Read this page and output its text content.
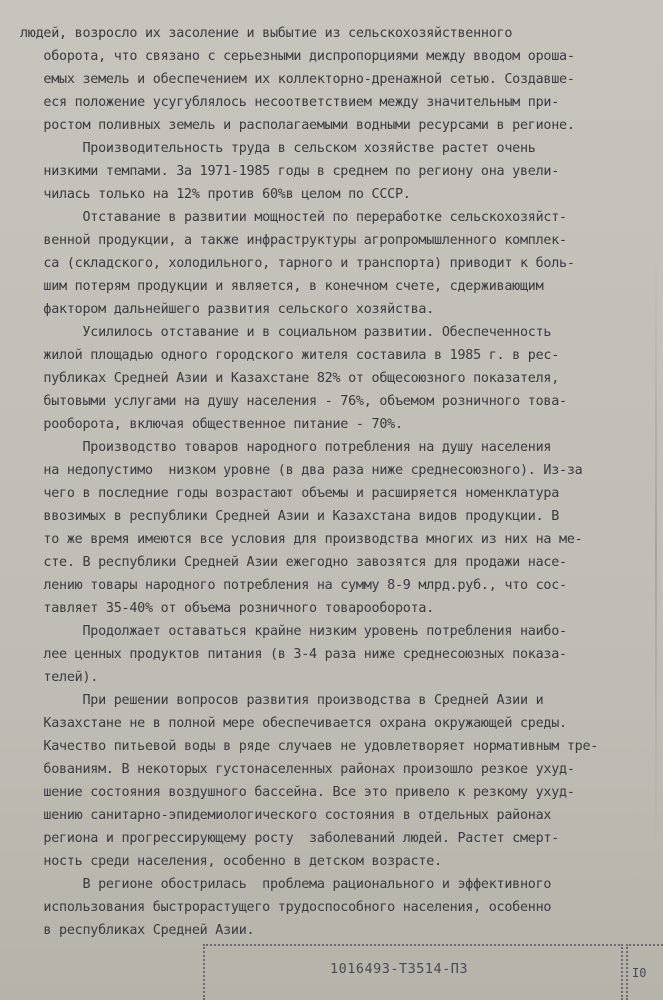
людей, возросло их засоление и выбытие из сельскохозяйственного
оборота, что связано с серьезными диспропорциями между вводом ороша-
емых земель и обеспечением их коллекторно-дренажной сетью. Создавше-
еся положение усугублялось несоответствием между значительным при-
ростом поливных земель и располагаемыми водными ресурсами в регионе.
Производительность труда в сельском хозяйстве растет очень
низкими темпами. За 1971-1985 годы в среднем по региону она увели-
чилась только на 12% против 60%в целом по СССР.
Отставание в развитии мощностей по переработке сельскохозяйст-
венной продукции, а также инфраструктуры агропромышленного комплек-
са (складского, холодильного, тарного и транспорта) приводит к боль-
шим потерям продукции и является, в конечном счете, сдерживающим
фактором дальнейшего развития сельского хозяйства.
Усилилось отставание и в социальном развитии. Обеспеченность
жилой площадью одного городского жителя составила в 1985 г. в рес-
публиках Средней Азии и Казахстане 82% от общесоюзного показателя,
бытовыми услугами на душу населения - 76%, объемом розничного това-
рооборота, включая общественное питание - 70%.
Производство товаров народного потребления на душу населения
на недопустимо  низком уровне (в два раза ниже среднесоюзного). Из-за
чего в последние годы возрастают объемы и расширяется номенклатура
ввозимых в республики Средней Азии и Казахстана видов продукции. В
то же время имеются все условия для производства многих из них на ме-
сте. В республики Средней Азии ежегодно завозятся для продажи насе-
лению товары народного потребления на сумму 8-9 млрд.руб., что сос-
тавляет 35-40% от объема розничного товарооборота.
Продолжает оставаться крайне низким уровень потребления наибо-
лее ценных продуктов питания (в 3-4 раза ниже среднесоюзных показа-
телей).
При решении вопросов развития производства в Средней Азии и
Казахстане не в полной мере обеспечивается охрана окружающей среды.
Качество питьевой воды в ряде случаев не удовлетворяет нормативным тре-
бованиям. В некоторых густонаселенных районах произошло резкое ухуд-
шение состояния воздушного бассейна. Все это привело к резкому ухуд-
шению санитарно-эпидемиологического состояния в отдельных районах
региона и прогрессирующему росту  заболеваний людей. Растет смерт-
ность среди населения, особенно в детском возрасте.
В регионе обострилась  проблема рационального и эффективного
использования быстрорастущего трудоспособного населения, особенно
в республиках Средней Азии.
1016493-T3514-П3	I0
